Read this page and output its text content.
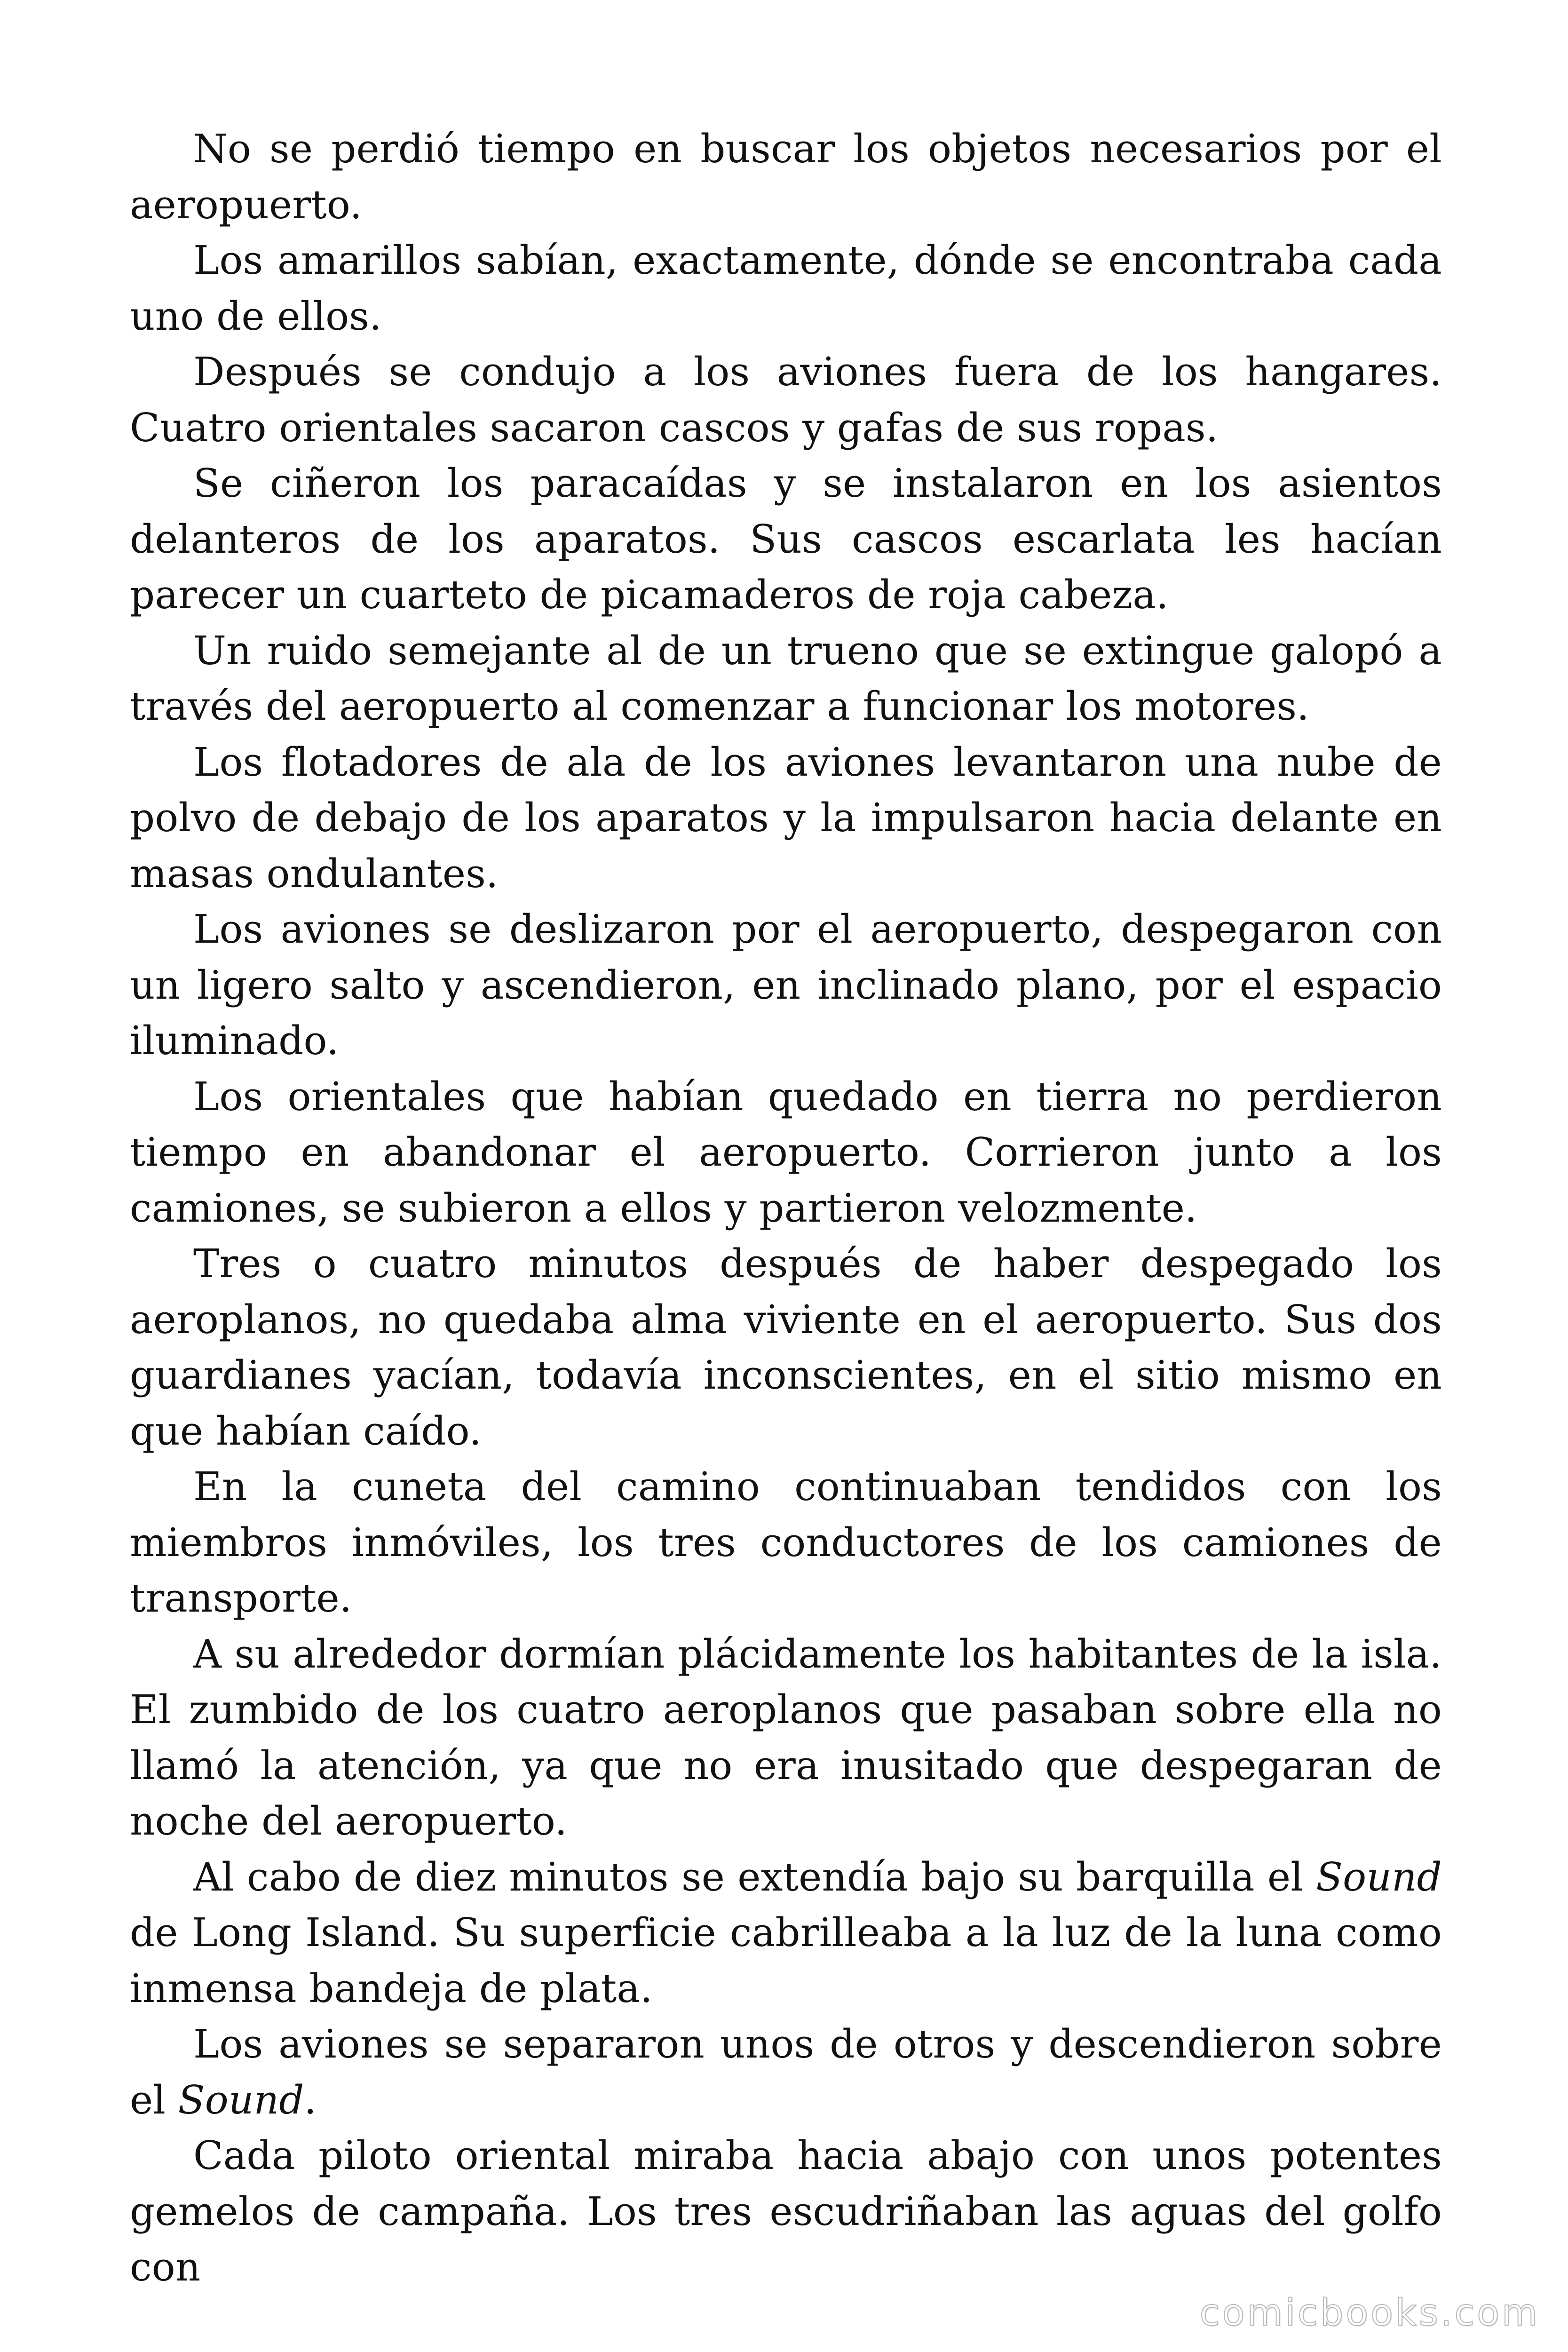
No se perdió tiempo en buscar los objetos necesarios por el aeropuerto.

Los amarillos sabían, exactamente, dónde se encontraba cada uno de ellos.

Después se condujo a los aviones fuera de los hangares. Cuatro orientales sacaron cascos y gafas de sus ropas.

Se ciñeron los paracaídas y se instalaron en los asientos delanteros de los aparatos. Sus cascos escarlata les hacían parecer un cuarteto de picamaderos de roja cabeza.

Un ruido semejante al de un trueno que se extingue galopó a través del aeropuerto al comenzar a funcionar los motores.

Los flotadores de ala de los aviones levantaron una nube de polvo de debajo de los aparatos y la impulsaron hacia delante en masas ondulantes.

Los aviones se deslizaron por el aeropuerto, despegaron con un ligero salto y ascendieron, en inclinado plano, por el espacio iluminado.

Los orientales que habían quedado en tierra no perdieron tiempo en abandonar el aeropuerto. Corrieron junto a los camiones, se subieron a ellos y partieron velozmente.

Tres o cuatro minutos después de haber despegado los aeroplanos, no quedaba alma viviente en el aeropuerto. Sus dos guardianes yacían, todavía inconscientes, en el sitio mismo en que habían caído.

En la cuneta del camino continuaban tendidos con los miembros inmóviles, los tres conductores de los camiones de transporte.

A su alrededor dormían plácidamente los habitantes de la isla. El zumbido de los cuatro aeroplanos que pasaban sobre ella no llamó la atención, ya que no era inusitado que despegaran de noche del aeropuerto.

Al cabo de diez minutos se extendía bajo su barquilla el Sound de Long Island. Su superficie cabrilleaba a la luz de la luna como inmensa bandeja de plata.

Los aviones se separaron unos de otros y descendieron sobre el Sound.

Cada piloto oriental miraba hacia abajo con unos potentes gemelos de campaña. Los tres escudriñaban las aguas del golfo con

comicbooks.com
